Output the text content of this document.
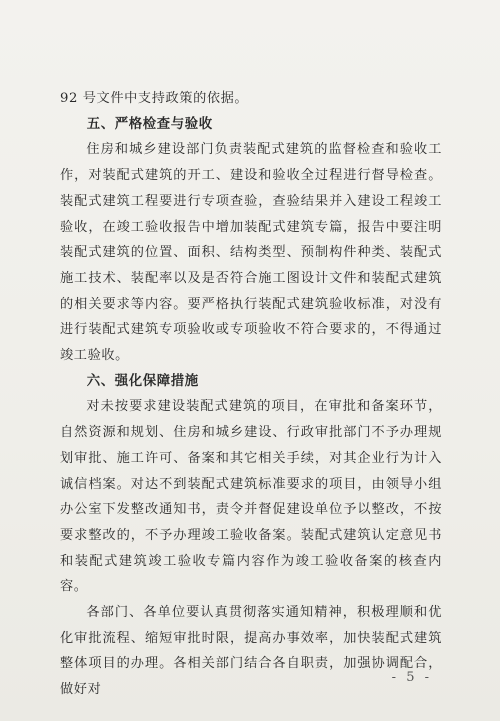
92 号文件中支持政策的依据。

五、严格检查与验收

住房和城乡建设部门负责装配式建筑的监督检查和验收工作，对装配式建筑的开工、建设和验收全过程进行督导检查。装配式建筑工程要进行专项查验，查验结果并入建设工程竣工验收，在竣工验收报告中增加装配式建筑专篇，报告中要注明装配式建筑的位置、面积、结构类型、预制构件种类、装配式施工技术、装配率以及是否符合施工图设计文件和装配式建筑的相关要求等内容。要严格执行装配式建筑验收标准，对没有进行装配式建筑专项验收或专项验收不符合要求的，不得通过竣工验收。

六、强化保障措施

对未按要求建设装配式建筑的项目，在审批和备案环节，自然资源和规划、住房和城乡建设、行政审批部门不予办理规划审批、施工许可、备案和其它相关手续，对其企业行为计入诚信档案。对达不到装配式建筑标准要求的项目，由领导小组办公室下发整改通知书，责令并督促建设单位予以整改，不按要求整改的，不予办理竣工验收备案。装配式建筑认定意见书和装配式建筑竣工验收专篇内容作为竣工验收备案的核查内容。

各部门、各单位要认真贯彻落实通知精神，积极理顺和优化审批流程、缩短审批时限，提高办事效率，加快装配式建筑整体项目的办理。各相关部门结合各自职责，加强协调配合，做好对

- 5 -
